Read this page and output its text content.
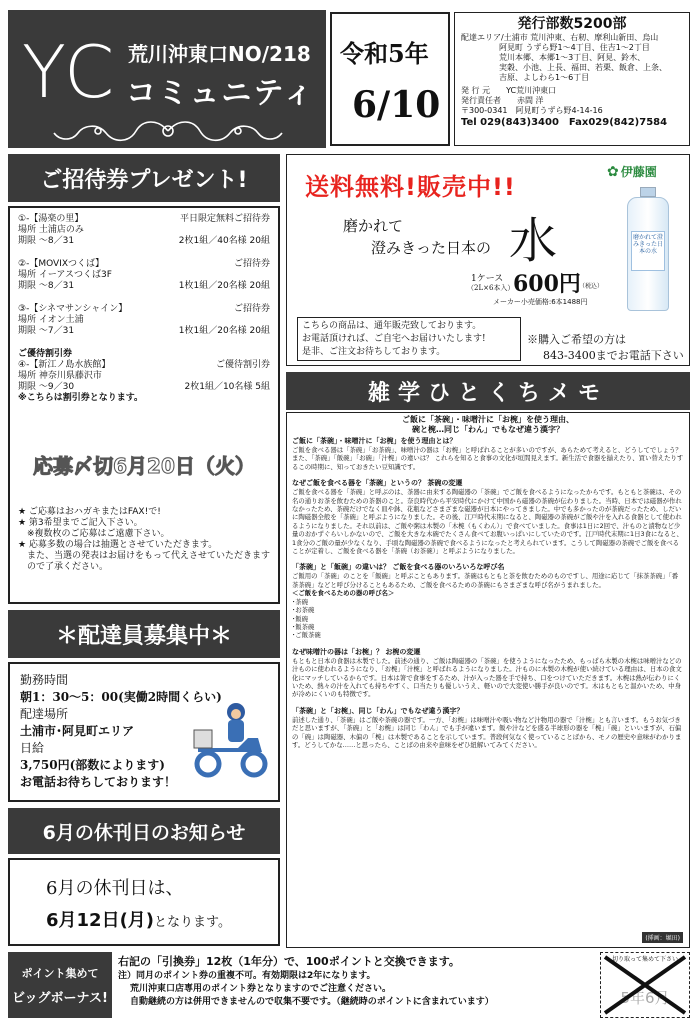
YC 荒川沖東口NO/218
コミュニティ
令和5年
6/10
発行部数5200部
配達エリア/土浦市 荒川沖東、右籾、摩利山新田、烏山
阿見町 うずら野1～4丁目、住吉1～2丁目
荒川本郷、本郷1～3丁目、阿見、鈴木、
実穀、小池、上長、福田、若栗、飯倉、上条、
吉原、よしわら1～6丁目
発 行 元　　YC荒川沖東口
発行責任者　　赤間 洋
〒300-0341　阿見町うずら野4-14-16
Tel 029(843)3400　Fax029(842)7584
ご招待券プレゼント!
①-【湯楽の里】	平日限定無料ご招待券
場所 土浦店のみ
期限 ～8／31	2枚1組／40名様 20組
②-【MOVIXつくば】	ご招待券
場所 イーアスつくば3F
期限 ～8／31	1枚1組／20名様 20組
③-【シネマサンシャイン】	ご招待券
場所 イオン土浦
期限 ～7／31	1枚1組／20名様 20組
ご優待割引券
④-【新江ノ島水族館】	ご優待割引券
場所 神奈川県藤沢市
期限 ～9／30	2枚1組／10名様 5組
※こちらは割引券となります。
応募〆切6月20日（火）
★ ご応募はおハガキまたはFAX!で!
★ 第3希望までご記入下さい。
　※複数枚のご応募はご遠慮下さい。
★ 応募多数の場合は抽選とさせていただきます。
　また、当選の発表はお届けをもって代えさせていただきます
　ので了承ください。
＊配達員募集中＊
勤務時間
朝1：30～5：00(実働2時間くらい)
配達場所
土浦市･阿見町エリア
日給
3,750円(部数によります)
お電話お待ちしております！
6月の休刊日のお知らせ
6月の休刊日は、
6月12日(月)となります。
ポイント集めて
ビッグボーナス!
右記の「引換券」12枚（1年分）で、100ポイントと交換できます。
注）同月のポイント券の重複不可。有効期限は2年になります。
荒川沖東口店専用のポイント券となりますのでご注意ください。
自動継続の方は併用できませんので収集不要です。（継続時のポイントに含まれています）
切り取って集めて下さい
5年6月
送料無料!販売中!!
✿ 伊藤園
磨かれて
澄みきった日本の 水
1ケース
（2L×6本入）
600円
（税込）
メーカー小売価格:6本1488円
磨かれて澄みきった日本の水
こちらの商品は、通年販売致しております。
お電話頂ければ、ご自宅へお届けいたします!
是非、ご注文お待ちしております。
※購入ご希望の方は
843-3400までお電話下さい
雑学ひとくちメモ
ご飯に「茶碗」・味噌汁に「お椀」を使う理由、
碗と椀…同じ「わん」でもなぜ違う漢字？
ご飯に「茶碗」・味噌汁に「お椀」を使う理由とは？
ご飯を食べる器は「茶碗」「お茶碗」、味噌汁の器は「お椀」と呼ばれることが多いのですが、あらためて考えると、どうしてでしょう？ また、「茶碗」「飯碗」「お碗」「汁椀」の違いは？ これらを知ると食事の文化が垣間見えます。新生活で食器を揃えたり、買い替えたりするこの時期に、知っておきたい豆知識です。
なぜご飯を食べる器を「茶碗」というの？ 茶碗の変遷
ご飯を食べる器を「茶碗」と呼ぶのは、茶器に由来する陶磁器の「茶碗」でご飯を食べるようになったからです。もともと茶碗は、その名の通りお茶を飲むための茶器のこと。奈良時代から平安時代にかけて中国から磁器の茶碗が伝わりました。当時、日本では磁器が作れなかったため、茶碗だけでなく皿や鉢、花瓶などさまざまな磁器が日本にやってきました。中でも多かったのが茶碗だったため、しだいに陶磁器全般を「茶碗」と呼ぶようになりました。その後、江戸時代末期になると、陶磁器の茶碗がご飯や汁を入れる食器として使われるようになりました。それ以前は、ご飯や粥は木製の「木椀（もくわん）」で食べていました。食事は1日に2回で、汁ものと漬物など少量のおかずぐらいしかないので、ご飯を大きな木碗でたくさん食べてお腹いっぱいにしていたのです。江戸時代末期に1日3食になると、1食分のご飯の量が少なくなり、手頃な陶磁器の茶碗で食べるようになったと考えられています。こうして陶磁器の茶碗でご飯を食べることが定着し、ご飯を食べる器を「茶碗（お茶碗）」と呼ぶようになりました。
「茶碗」と「飯碗」の違いは？ ご飯を食べる器のいろいろな呼び名
ご飯用の「茶碗」のことを「飯碗」と呼ぶこともあります。茶碗はもともと茶を飲むためのものですし、用途に応じて「抹茶茶碗」「番茶茶碗」などと呼び分けることもあるため、ご飯を食べるための茶碗にもさまざまな呼び名がうまれました。
＜ご飯を食べるための器の呼び名＞
･茶碗
･お茶碗
･飯碗
･飯茶碗
･ご飯茶碗
なぜ味噌汁の器は「お椀」？ お椀の変遷
もともと日本の食器は木製でした。前述の通り、ご飯は陶磁器の「茶碗」を使うようになったため、もっぱら木製の木椀は味噌汁などの汁ものに使われるようになり、「お椀」「汁椀」と呼ばれるようになりました。汁ものに木製の木椀が使い続けている理由は、日本の食文化にマッチしているからです。日本は箸で食事をするため、汁が入った器を手で持ち、口をつけていただきます。木椀は熱が伝わりにくいため、熱々の汁を入れても持ちやすく、口当たりも優しいうえ、軽いので大変使い勝手が良いのです。木はもともと温かいため、中身が冷めにくいのも特徴です。
「茶碗」と「お椀」、同じ「わん」でもなぜ違う漢字？
前述した通り、「茶碗」はご飯や茶碗の器です。一方、「お椀」は味噌汁や吸い物など汁物用の器で「汁椀」とも言います。もうお気づきだと思いますが、「茶碗」と「お椀」は同じ「わん」でも手が違います。飯や汁などを盛る半球形の器を「椀」「碗」といいますが、石偏の「碗」は陶磁器、木偏の「椀」は木製であることを示しています。普段何気なく使っていることばから、モノの歴史や意味がわかります。どうしてかな……と思ったら、ことばの由来や意味をぜひ紐解いてみてください。
(挿画：堀田)
